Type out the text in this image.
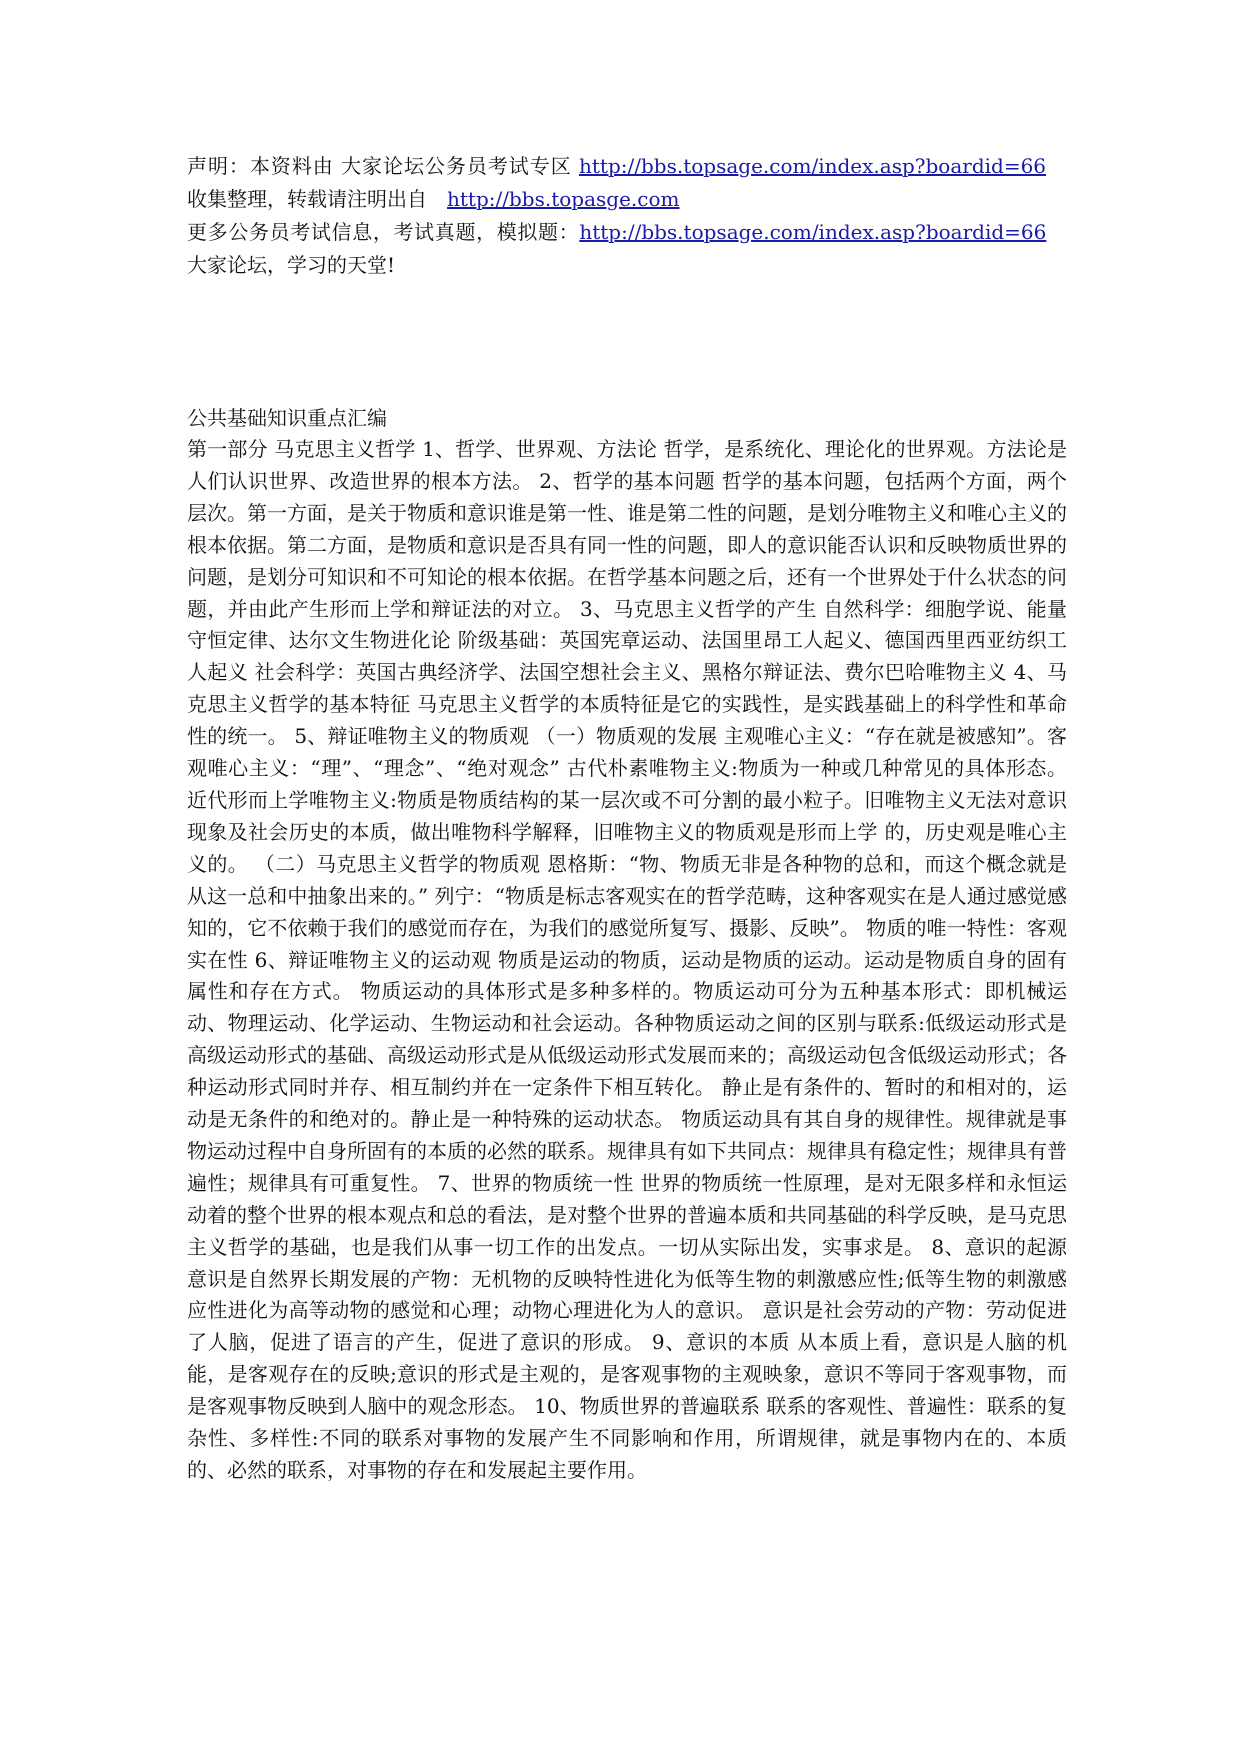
声明：本资料由 大家论坛公务员考试专区 http://bbs.topsage.com/index.asp?boardid=66　 收集整理，转载请注明出自　http://bbs.topasge.com

更多公务员考试信息，考试真题，模拟题：http://bbs.topsage.com/index.asp?boardid=66　大家论坛，学习的天堂!

公共基础知识重点汇编

第一部分 马克思主义哲学 1、哲学、世界观、方法论 哲学，是系统化、理论化的世界观。方法论是人们认识世界、改造世界的根本方法。 2、哲学的基本问题 哲学的基本问题，包括两个方面，两个层次。第一方面，是关于物质和意识谁是第一性、谁是第二性的问题，是划分唯物主义和唯心主义的根本依据。第二方面，是物质和意识是否具有同一性的问题，即人的意识能否认识和反映物质世界的问题，是划分可知识和不可知论的根本依据。在哲学基本问题之后，还有一个世界处于什么状态的问题，并由此产生形而上学和辩证法的对立。 3、马克思主义哲学的产生 自然科学：细胞学说、能量守恒定律、达尔文生物进化论 阶级基础：英国宪章运动、法国里昂工人起义、德国西里西亚纺织工人起义 社会科学：英国古典经济学、法国空想社会主义、黑格尔辩证法、费尔巴哈唯物主义 4、马克思主义哲学的基本特征 马克思主义哲学的本质特征是它的实践性，是实践基础上的科学性和革命性的统一。 5、辩证唯物主义的物质观 （一）物质观的发展 主观唯心主义：“存在就是被感知”。客观唯心主义：“理”、“理念”、“绝对观念” 古代朴素唯物主义:物质为一种或几种常见的具体形态。 近代形而上学唯物主义:物质是物质结构的某一层次或不可分割的最小粒子。旧唯物主义无法对意识现象及社会历史的本质，做出唯物科学解释，旧唯物主义的物质观是形而上学 的，历史观是唯心主义的。 （二）马克思主义哲学的物质观 恩格斯：“物、物质无非是各种物的总和，而这个概念就是从这一总和中抽象出来的。” 列宁：“物质是标志客观实在的哲学范畴，这种客观实在是人通过感觉感知的，它不依赖于我们的感觉而存在，为我们的感觉所复写、摄影、反映”。 物质的唯一特性：客观实在性 6、辩证唯物主义的运动观 物质是运动的物质，运动是物质的运动。运动是物质自身的固有属性和存在方式。 物质运动的具体形式是多种多样的。物质运动可分为五种基本形式：即机械运动、物理运动、化学运动、生物运动和社会运动。各种物质运动之间的区别与联系:低级运动形式是高级运动形式的基础、高级运动形式是从低级运动形式发展而来的；高级运动包含低级运动形式；各种运动形式同时并存、相互制约并在一定条件下相互转化。 静止是有条件的、暂时的和相对的，运动是无条件的和绝对的。静止是一种特殊的运动状态。 物质运动具有其自身的规律性。规律就是事物运动过程中自身所固有的本质的必然的联系。规律具有如下共同点：规律具有稳定性；规律具有普遍性；规律具有可重复性。 7、世界的物质统一性 世界的物质统一性原理，是对无限多样和永恒运动着的整个世界的根本观点和总的看法，是对整个世界的普遍本质和共同基础的科学反映，是马克思主义哲学的基础，也是我们从事一切工作的出发点。一切从实际出发，实事求是。 8、意识的起源 意识是自然界长期发展的产物：无机物的反映特性进化为低等生物的刺激感应性;低等生物的刺激感应性进化为高等动物的感觉和心理；动物心理进化为人的意识。 意识是社会劳动的产物：劳动促进了人脑，促进了语言的产生，促进了意识的形成。 9、意识的本质 从本质上看，意识是人脑的机能，是客观存在的反映;意识的形式是主观的，是客观事物的主观映象，意识不等同于客观事物，而是客观事物反映到人脑中的观念形态。 10、物质世界的普遍联系 联系的客观性、普遍性：联系的复杂性、多样性:不同的联系对事物的发展产生不同影响和作用，所谓规律，就是事物内在的、本质的、必然的联系，对事物的存在和发展起主要作用。
